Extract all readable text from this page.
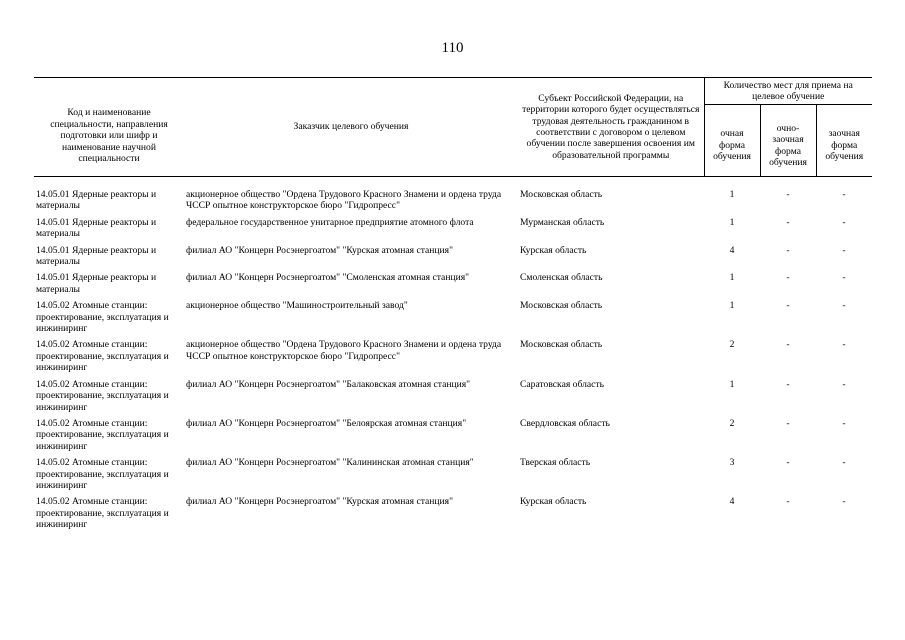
110
Код и наименование специальности, направления подготовки или шифр и наименование научной специальности	Заказчик целевого обучения	Субъект Российской Федерации, на территории которого будет осуществляться трудовая деятельность гражданином в соответствии с договором о целевом обучении после завершения освоения им образовательной программы	Количество мест для приема на целевое обучение		
			очная форма обучения	очно-заочная форма обучения	заочная форма обучения

14.05.01 Ядерные реакторы и материалы	акционерное общество "Ордена Трудового Красного Знамени и ордена труда ЧССР опытное конструкторское бюро "Гидропресс"	Московская область	1	-	-
14.05.01 Ядерные реакторы и материалы	федеральное государственное унитарное предприятие атомного флота	Мурманская область	1	-	-
14.05.01 Ядерные реакторы и материалы	филиал АО "Концерн Росэнергоатом" "Курская атомная станция"	Курская область	4	-	-
14.05.01 Ядерные реакторы и материалы	филиал АО "Концерн Росэнергоатом" "Смоленская атомная станция"	Смоленская область	1	-	-
14.05.02 Атомные станции: проектирование, эксплуатация и инжиниринг	акционерное общество "Машиностроительный завод"	Московская область	1	-	-
14.05.02 Атомные станции: проектирование, эксплуатация и инжиниринг	акционерное общество "Ордена Трудового Красного Знамени и ордена труда ЧССР опытное конструкторское бюро "Гидропресс"	Московская область	2	-	-
14.05.02 Атомные станции: проектирование, эксплуатация и инжиниринг	филиал АО "Концерн Росэнергоатом" "Балаковская атомная станция"	Саратовская область	1	-	-
14.05.02 Атомные станции: проектирование, эксплуатация и инжиниринг	филиал АО "Концерн Росэнергоатом" "Белоярская атомная станция"	Свердловская область	2	-	-
14.05.02 Атомные станции: проектирование, эксплуатация и инжиниринг	филиал АО "Концерн Росэнергоатом" "Калининская атомная станция"	Тверская область	3	-	-
14.05.02 Атомные станции: проектирование, эксплуатация и инжиниринг	филиал АО "Концерн Росэнергоатом" "Курская атомная станция"	Курская область	4	-	-
